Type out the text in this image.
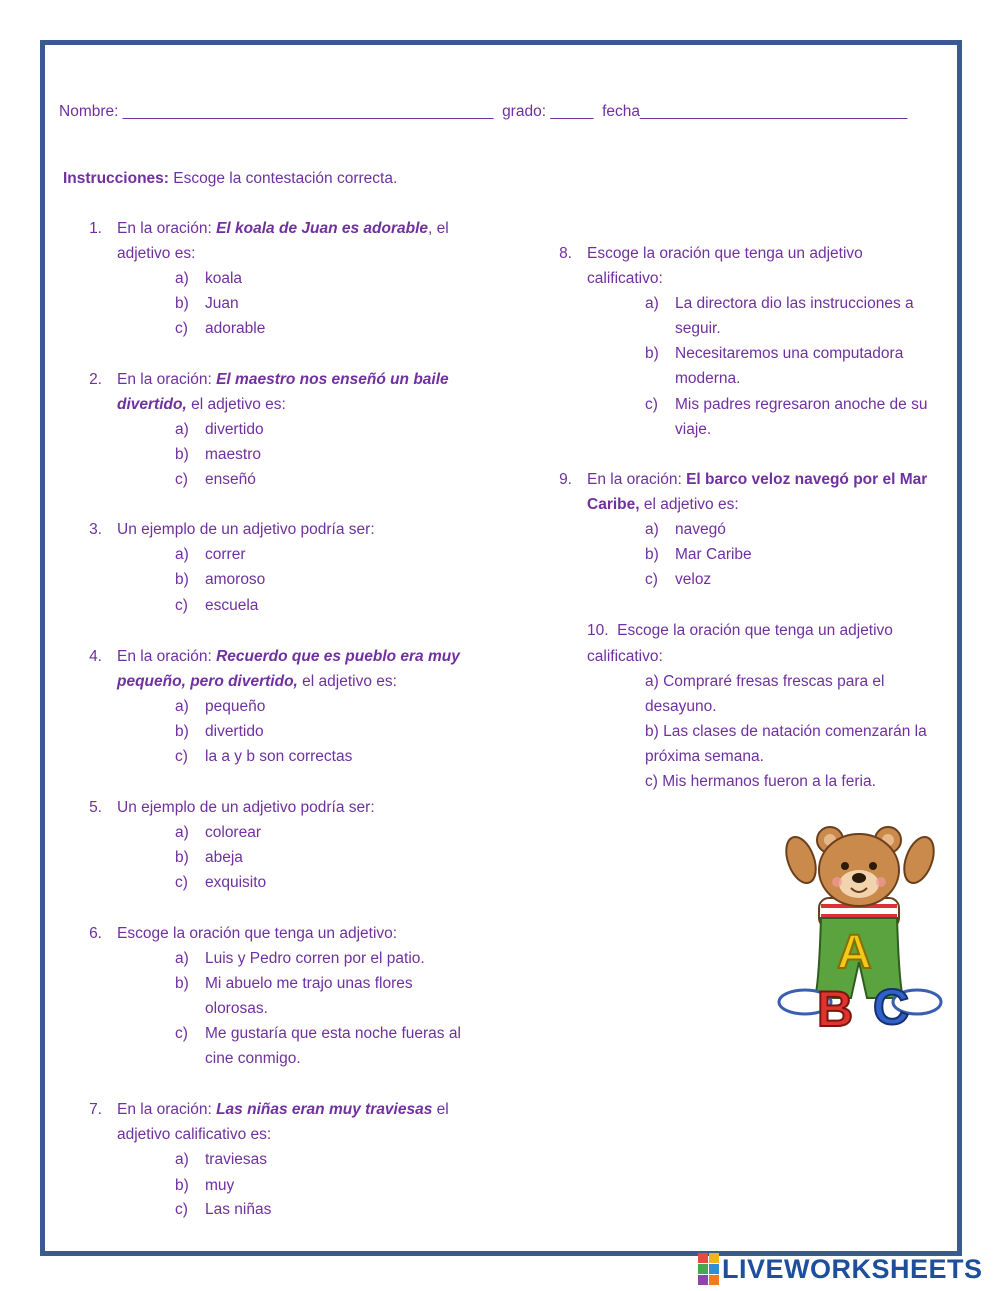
Nombre: ___________________________________________ grado: _____ fecha_______________________________
Instrucciones: Escoge la contestación correcta.
1. En la oración: El koala de Juan es adorable, el
adjetivo es:
a) koala
b) Juan
c) adorable
2. En la oración: El maestro nos enseñó un baile
divertido, el adjetivo es:
a) divertido
b) maestro
c) enseñó
3. Un ejemplo de un adjetivo podría ser:
a) correr
b) amoroso
c) escuela
4. En la oración: Recuerdo que es pueblo era muy
pequeño, pero divertido, el adjetivo es:
a) pequeño
b) divertido
c) la a y b son correctas
5. Un ejemplo de un adjetivo podría ser:
a) colorear
b) abeja
c) exquisito
6. Escoge la oración que tenga un adjetivo:
a) Luis y Pedro corren por el patio.
b) Mi abuelo me trajo unas flores olorosas.
c) Me gustaría que esta noche fueras al cine conmigo.
7. En la oración: Las niñas eran muy traviesas el
adjetivo calificativo es:
a) traviesas
b) muy
c) Las niñas
8. Escoge la oración que tenga un adjetivo
calificativo:
a) La directora dio las instrucciones a seguir.
b) Necesitaremos una computadora moderna.
c) Mis padres regresaron anoche de su viaje.
9. En la oración: El barco veloz navegó por el Mar
Caribe, el adjetivo es:
a) navegó
b) Mar Caribe
c) veloz
10.  Escoge la oración que tenga un adjetivo
calificativo:
a) Compraré fresas frescas para el desayuno.
b) Las clases de natación comenzarán la próxima semana.
c) Mis hermanos fueron a la feria.
A
B C
LIVEWORKSHEETS
